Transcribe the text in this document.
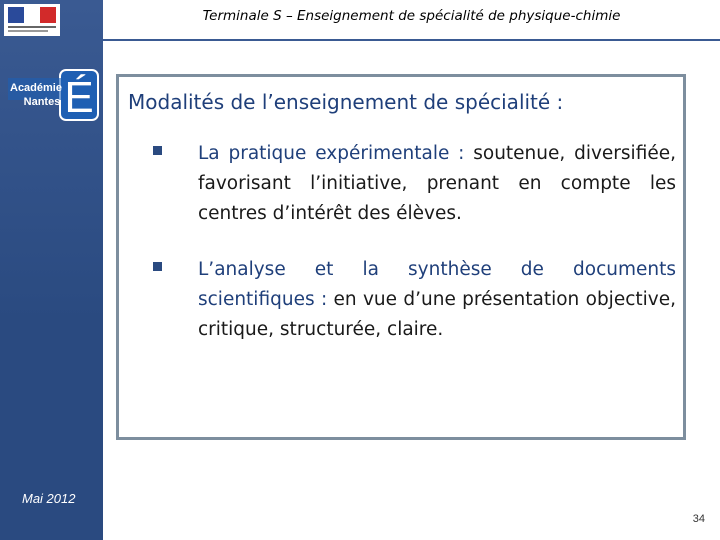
É
Académie
Nantes
Mai 2012
Terminale S – Enseignement de spécialité de physique-chimie
Modalités de l’enseignement de spécialité :
La pratique expérimentale : soutenue, diversifiée, favorisant l’initiative, prenant en compte les centres d’intérêt des élèves.
L’analyse et la synthèse de documents scientifiques : en vue d’une présentation objective, critique, structurée, claire.
34
